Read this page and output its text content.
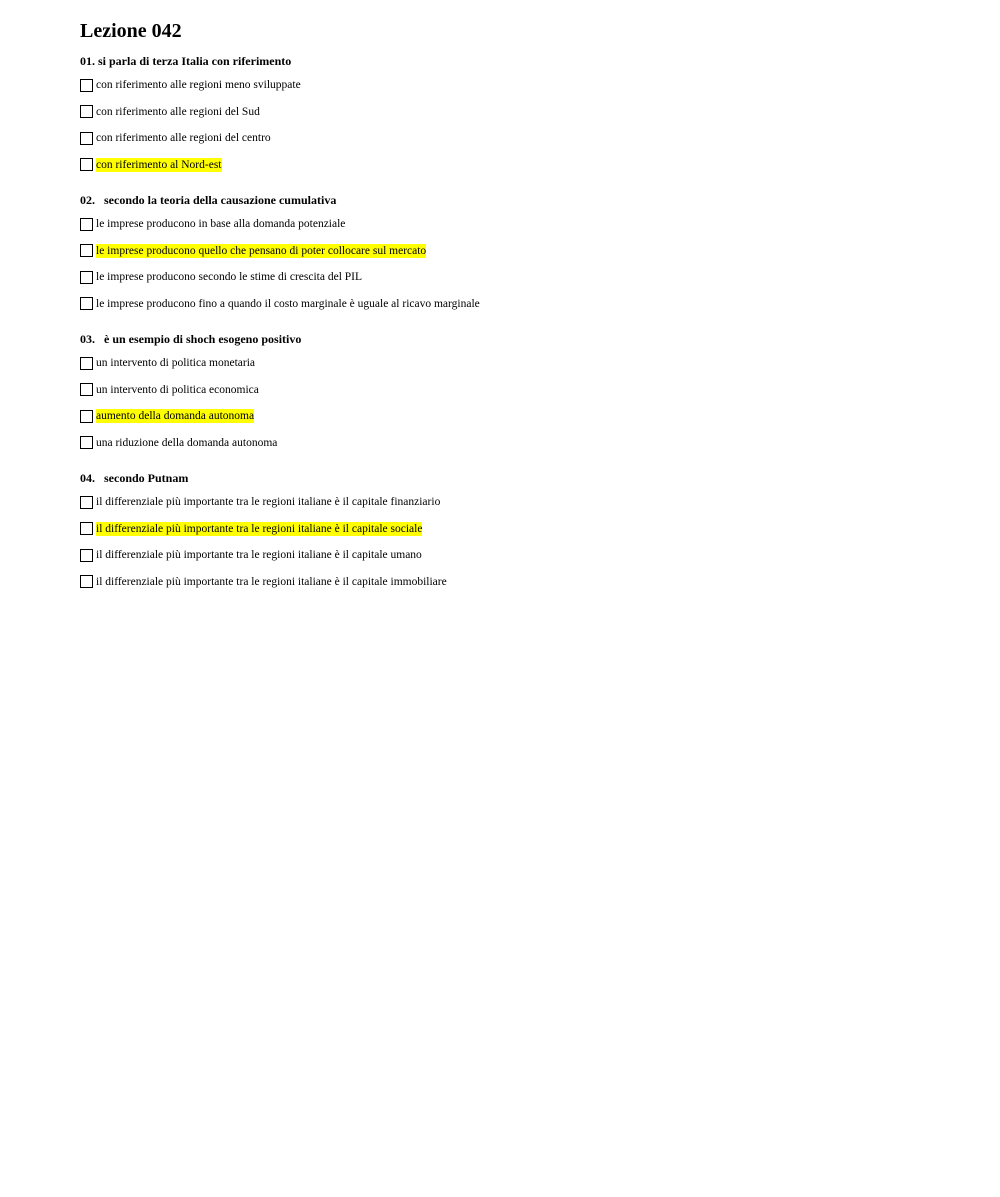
Lezione 042
01. si parla di terza Italia con riferimento
con riferimento alle regioni meno sviluppate
con riferimento alle regioni del Sud
con riferimento alle regioni del centro
con riferimento al Nord-est
02.   secondo la teoria della causazione cumulativa
le imprese producono in base alla domanda potenziale
le imprese producono quello che pensano di poter collocare sul mercato
le imprese producono secondo le stime di crescita del PIL
le imprese producono fino a quando il costo marginale è uguale al ricavo marginale
03.   è un esempio di shoch esogeno positivo
un intervento di politica monetaria
un intervento di politica economica
aumento della domanda autonoma
una riduzione della domanda autonoma
04.   secondo Putnam
il differenziale più importante tra le regioni italiane è il capitale finanziario
il differenziale più importante tra le regioni italiane è il capitale sociale
il differenziale più importante tra le regioni italiane è il capitale umano
il differenziale più importante tra le regioni italiane è il capitale immobiliare
